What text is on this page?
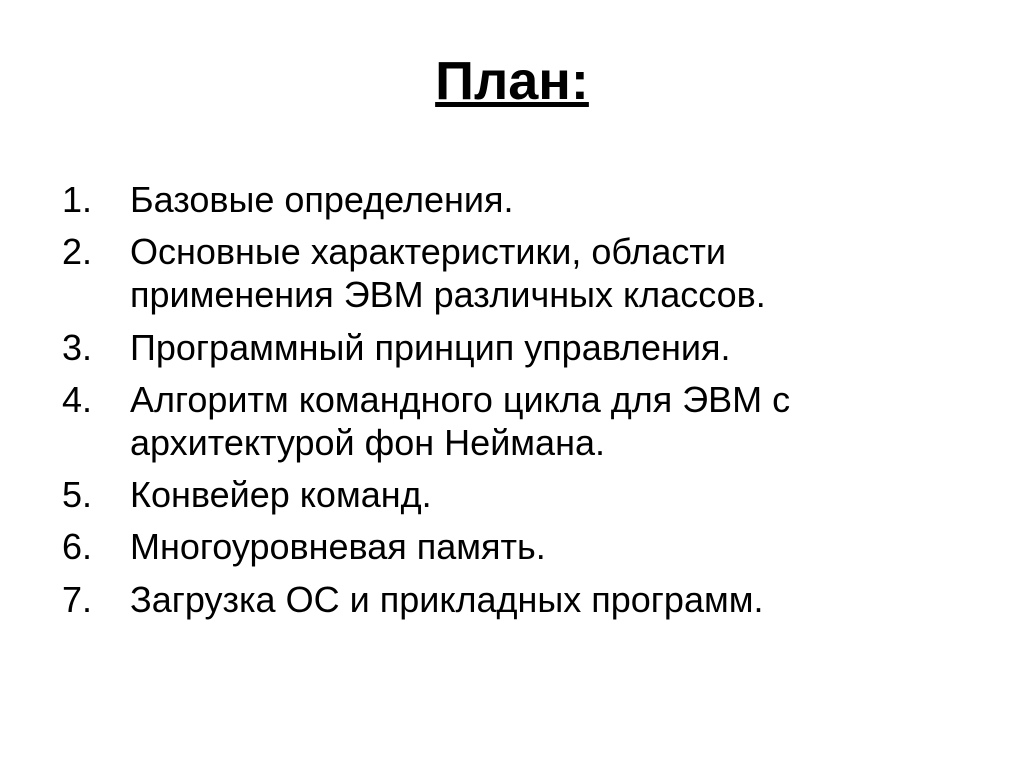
План:
1.	Базовые определения.
2.	Основные характеристики, области применения ЭВМ различных классов.
3.	Программный принцип управления.
4.	Алгоритм командного цикла для ЭВМ с архитектурой фон Неймана.
5.	Конвейер команд.
6.	Многоуровневая память.
7.	Загрузка ОС и прикладных программ.
